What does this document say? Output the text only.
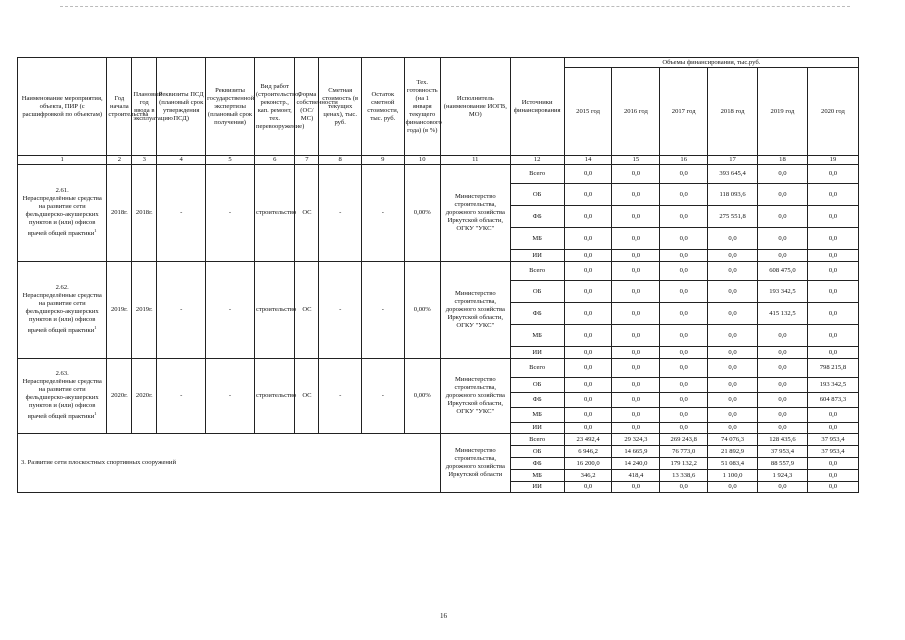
Наименование мероприятия, объекта, ПИР (с расшифровкой по объектам)	Год начала строительства	Плановый год ввода в эксплуатацию	Реквизиты ПСД (плановый срок утверждения ПСД)	Реквизиты государственной экспертизы (плановый срок получения)	Вид работ (строительство, реконстр., кап. ремонт, тех. перевооружение)	Форма собственности (ОС/МС)	Сметная стоимость (в текущих ценах), тыс. руб.	Остаток сметной стоимости, тыс. руб.	Тех. готовность (на 1 января текущего финансового года) (в %)	Исполнитель (наименование ИОГВ, МО)	Источники финансирования	Объемы финансирования, тыс.руб.					
												2015 год	2016 год	2017 год	2018 год	2019 год	2020 год
1	2	3	4	5	6	7	8	9	10	11	12	14	15	16	17	18	19

2.61.
Нераспределённые средства на развитие сети фельдшерско-акушерских пунктов и (или) офисов врачей общей практики$^1$	2018г.	2018г.	-	-	строительство	ОС	-	-	0,00%	Министерство строительства, дорожного хозяйства Иркутской области, ОГКУ "УКС"	Всего	0,0	0,0	0,0	393 645,4	0,0	0,0
											ОБ	0,0	0,0	0,0	118 093,6	0,0	0,0
											ФБ	0,0	0,0	0,0	275 551,8	0,0	0,0
											МБ	0,0	0,0	0,0	0,0	0,0	0,0
											ИИ	0,0	0,0	0,0	0,0	0,0	0,0

2.62.
Нераспределённые средства на развитие сети фельдшерско-акушерских пунктов и (или) офисов врачей общей практики$^1$	2019г.	2019г.	-	-	строительство	ОС	-	-	0,00%	Министерство строительства, дорожного хозяйства Иркутской области, ОГКУ "УКС"	Всего	0,0	0,0	0,0	0,0	608 475,0	0,0
											ОБ	0,0	0,0	0,0	0,0	193 342,5	0,0
											ФБ	0,0	0,0	0,0	0,0	415 132,5	0,0
											МБ	0,0	0,0	0,0	0,0	0,0	0,0
											ИИ	0,0	0,0	0,0	0,0	0,0	0,0

2.63.
Нераспределённые средства на развитие сети фельдшерско-акушерских пунктов и (или) офисов врачей общей практики$^1$	2020г.	2020г.	-	-	строительство	ОС	-	-	0,00%	Министерство строительства, дорожного хозяйства Иркутской области, ОГКУ "УКС"	Всего	0,0	0,0	0,0	0,0	0,0	798 215,8
											ОБ	0,0	0,0	0,0	0,0	0,0	193 342,5
											ФБ	0,0	0,0	0,0	0,0	0,0	604 873,3
											МБ	0,0	0,0	0,0	0,0	0,0	0,0
											ИИ	0,0	0,0	0,0	0,0	0,0	0,0
3. Развитие сети плоскостных спортивных сооружений										Министерство строительства, дорожного хозяйства Иркутской области	Всего	23 492,4	29 324,3	269 243,8	74 076,3	128 435,6	37 953,4
											ОБ	6 946,2	14 665,9	76 773,0	21 892,9	37 953,4	37 953,4
											ФБ	16 200,0	14 240,0	179 132,2	51 083,4	88 557,9	0,0
											МБ	346,2	418,4	13 338,6	1 100,0	1 924,3	0,0
											ИИ	0,0	0,0	0,0	0,0	0,0	0,0
16
